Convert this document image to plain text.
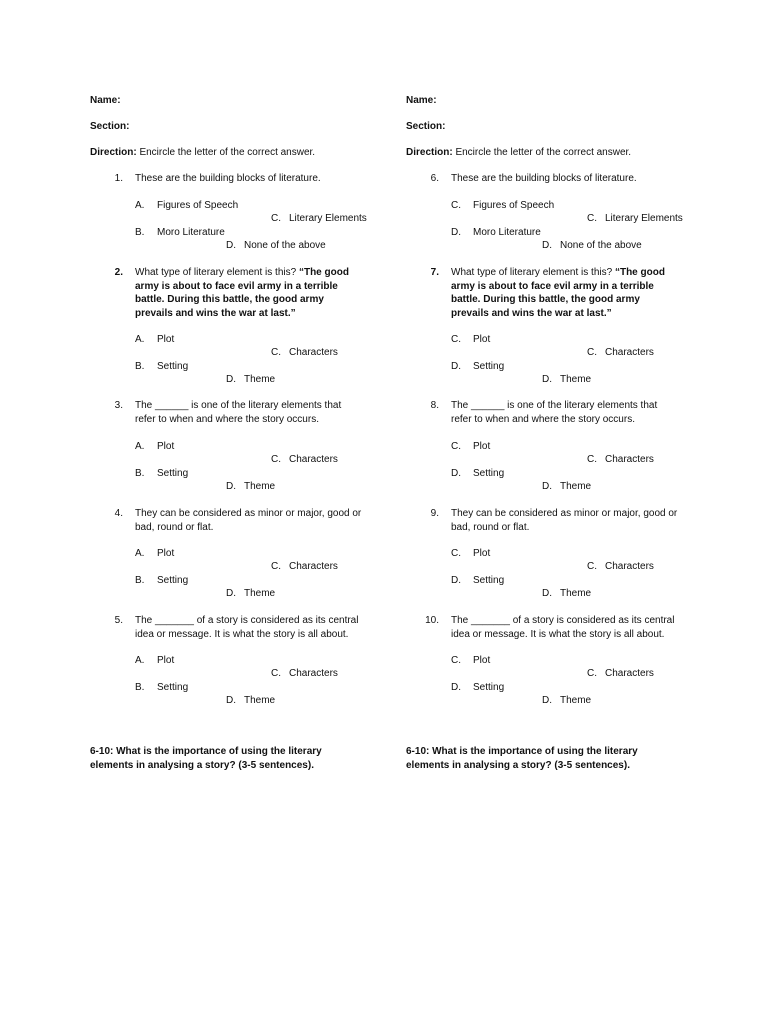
Name:
Section:
Direction: Encircle the letter of the correct answer.
1. These are the building blocks of literature.
A. Figures of Speech
C. Literary Elements
B. Moro Literature
D. None of the above
2. What type of literary element is this? “The good army is about to face evil army in a terrible battle. During this battle, the good army prevails and wins the war at last.”
A. Plot
C. Characters
B. Setting
D. Theme
3. The ______ is one of the literary elements that refer to when and where the story occurs.
A. Plot
C. Characters
B. Setting
D. Theme
4. They can be considered as minor or major, good or bad, round or flat.
A. Plot
C. Characters
B. Setting
D. Theme
5. The _______ of a story is considered as its central idea or message. It is what the story is all about.
A. Plot
C. Characters
B. Setting
D. Theme
6-10: What is the importance of using the literary elements in analysing a story? (3-5 sentences).
Name:
Section:
Direction: Encircle the letter of the correct answer.
6. These are the building blocks of literature.
C. Figures of Speech
C. Literary Elements
D. Moro Literature
D. None of the above
7. What type of literary element is this? “The good army is about to face evil army in a terrible battle. During this battle, the good army prevails and wins the war at last.”
C. Plot
C. Characters
D. Setting
D. Theme
8. The ______ is one of the literary elements that refer to when and where the story occurs.
C. Plot
C. Characters
D. Setting
D. Theme
9. They can be considered as minor or major, good or bad, round or flat.
C. Plot
C. Characters
D. Setting
D. Theme
10. The _______ of a story is considered as its central idea or message. It is what the story is all about.
C. Plot
C. Characters
D. Setting
D. Theme
6-10: What is the importance of using the literary elements in analysing a story? (3-5 sentences).
